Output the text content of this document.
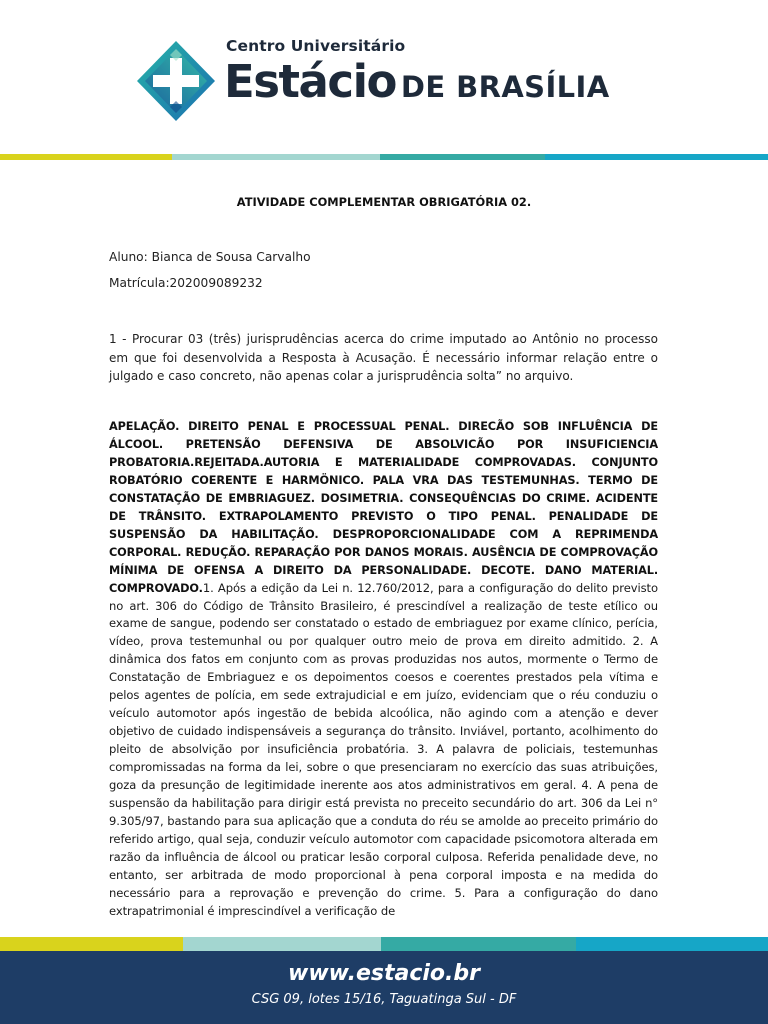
Centro Universitário
Estácio DE BRASÍLIA
ATIVIDADE COMPLEMENTAR OBRIGATÓRIA 02.
Aluno: Bianca de Sousa Carvalho
Matrícula:202009089232
1 - Procurar 03 (três) jurisprudências acerca do crime imputado ao Antônio no processo em que foi desenvolvida a Resposta à Acusação. É necessário informar relação entre o julgado e caso concreto, não apenas colar a jurisprudência solta” no arquivo.
APELAÇÃO. DIREITO PENAL E PROCESSUAL PENAL. DIRECÃO SOB INFLUÊNCIA DE ÁLCOOL. PRETENSÃO DEFENSIVA DE ABSOLVICÃO POR INSUFICIENCIA PROBATORIA.REJEITADA.AUTORIA E MATERIALIDADE COMPROVADAS. CONJUNTO ROBATÓRIO COERENTE E HARMÖNICO. PALA VRA DAS TESTEMUNHAS. TERMO DE CONSTATAÇÃO DE EMBRIAGUEZ. DOSIMETRIA. CONSEQUÊNCIAS DO CRIME. ACIDENTE DE TRÂNSITO. EXTRAPOLAMENTO PREVISTO O TIPO PENAL. PENALIDADE DE SUSPENSÃO DA HABILITAÇÃO. DESPROPORCIONALIDADE COM A REPRIMENDA CORPORAL. REDUÇÃO. REPARAÇÃO POR DANOS MORAIS. AUSÊNCIA DE COMPROVAÇÃO MÍNIMA DE OFENSA A DIREITO DA PERSONALIDADE. DECOTE. DANO MATERIAL. COMPROVADO.1. Após a edição da Lei n. 12.760/2012, para a configuração do delito previsto no art. 306 do Código de Trânsito Brasileiro, é prescindível a realização de teste etílico ou exame de sangue, podendo ser constatado o estado de embriaguez por exame clínico, perícia, vídeo, prova testemunhal ou por qualquer outro meio de prova em direito admitido. 2. A dinâmica dos fatos em conjunto com as provas produzidas nos autos, mormente o Termo de Constatação de Embriaguez e os depoimentos coesos e coerentes prestados pela vítima e pelos agentes de polícia, em sede extrajudicial e em juízo, evidenciam que o réu conduziu o veículo automotor após ingestão de bebida alcoólica, não agindo com a atenção e dever objetivo de cuidado indispensáveis a segurança do trânsito. Inviável, portanto, acolhimento do pleito de absolvição por insuficiência probatória. 3. A palavra de policiais, testemunhas compromissadas na forma da lei, sobre o que presenciaram no exercício das suas atribuições, goza da presunção de legitimidade inerente aos atos administrativos em geral. 4. A pena de suspensão da habilitação para dirigir está prevista no preceito secundário do art. 306 da Lei n° 9.305/97, bastando para sua aplicação que a conduta do réu se amolde ao preceito primário do referido artigo, qual seja, conduzir veículo automotor com capacidade psicomotora alterada em razão da influência de álcool ou praticar lesão corporal culposa. Referida penalidade deve, no entanto, ser arbitrada de modo proporcional à pena corporal imposta e na medida do necessário para a reprovação e prevenção do crime. 5. Para a configuração do dano extrapatrimonial é imprescindível a verificação de
www.estacio.br
CSG 09, lotes 15/16, Taguatinga Sul - DF
